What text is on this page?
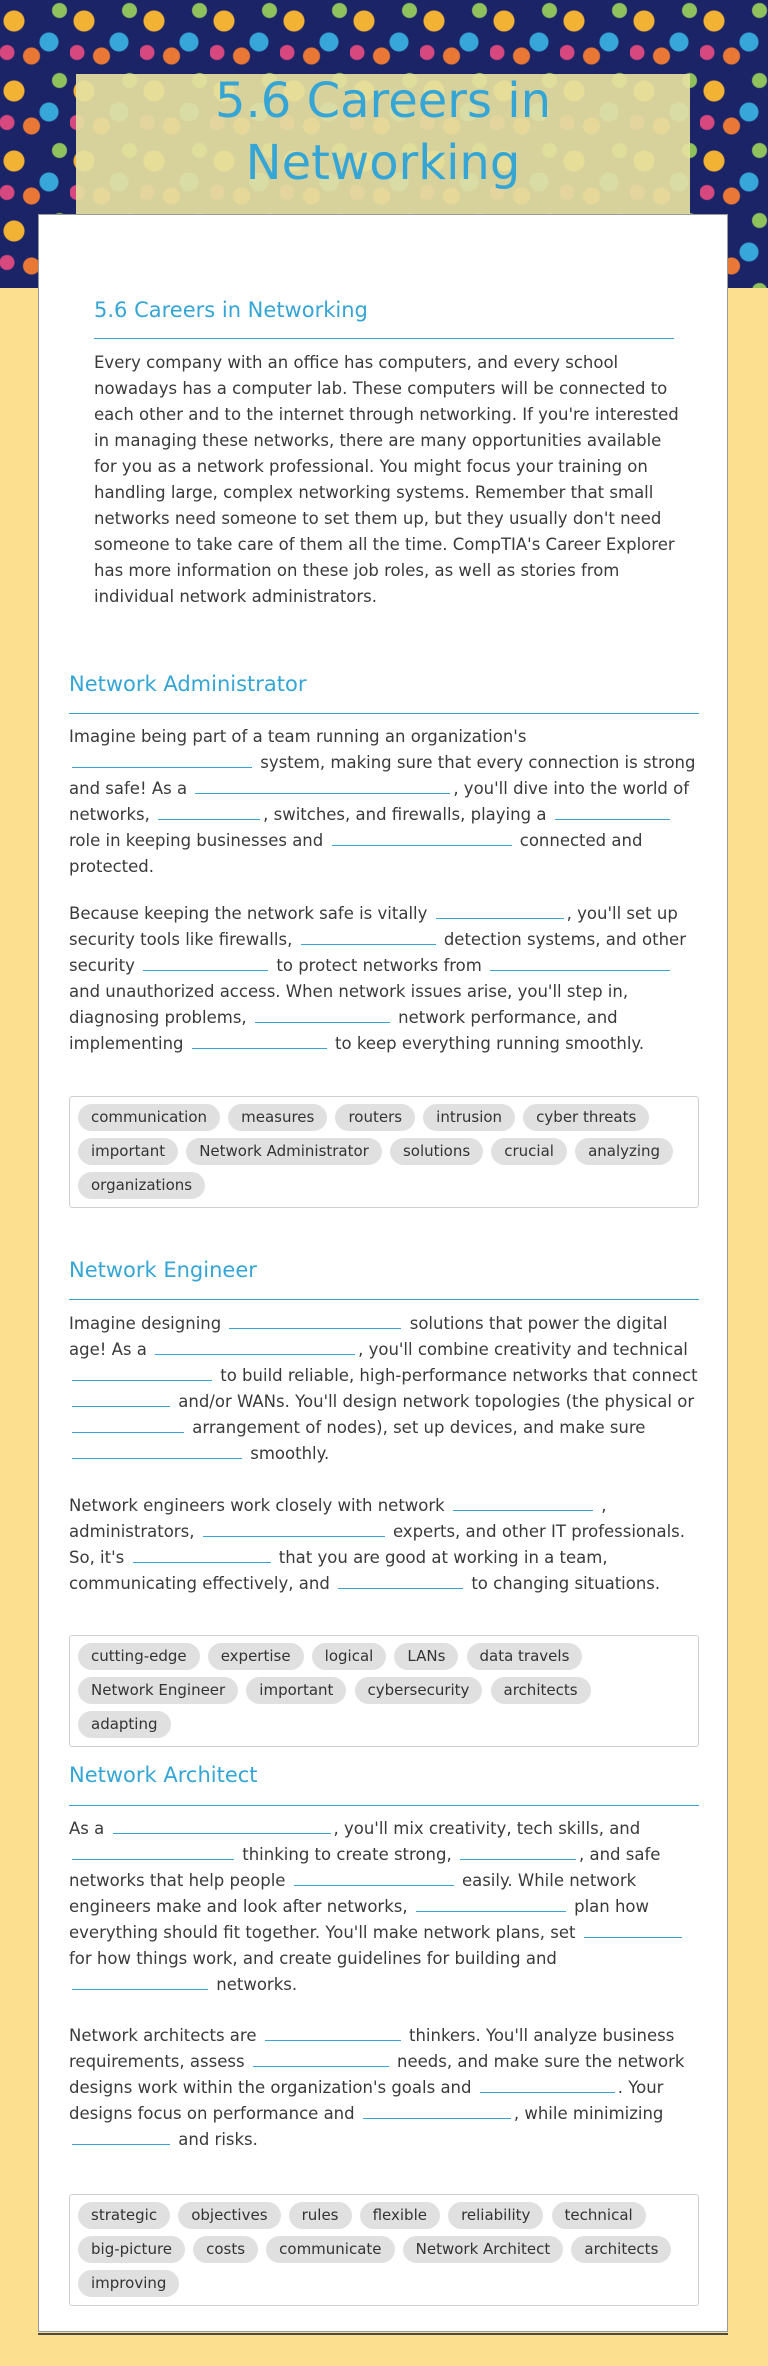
5.6 Careers in Networking
5.6 Careers in Networking

Every company with an office has computers, and every school nowadays has a computer lab. These computers will be connected to each other and to the internet through networking. If you're interested in managing these networks, there are many opportunities available for you as a network professional. You might focus your training on handling large, complex networking systems. Remember that small networks need someone to set them up, but they usually don't need someone to take care of them all the time. CompTIA's Career Explorer has more information on these job roles, as well as stories from individual network administrators.

Network Administrator

Imagine being part of a team running an organization's  system, making sure that every connection is strong and safe! As a	, you'll dive into the world of networks,	, switches, and firewalls, playing a  role in keeping businesses and	connected and protected.

Because keeping the network safe is vitally	, you'll set up security tools like firewalls,	detection systems, and other security	to protect networks from  and unauthorized access. When network issues arise, you'll step in, diagnosing problems,	network performance, and implementing	to keep everything running smoothly.

communication measures routers intrusion cyber threats important Network Administrator solutions crucial analyzing organizations
Network Engineer

Imagine designing	solutions that power the digital age! As a	, you'll combine creativity and technical  to build reliable, high-performance networks that connect  and/or WANs. You'll design network topologies (the physical or  arrangement of nodes), set up devices, and make sure  smoothly.

Network engineers work closely with network	, administrators,	experts, and other IT professionals. So, it's	that you are good at working in a team, communicating effectively, and	to changing situations.

cutting-edge expertise logical LANs data travels Network Engineer important cybersecurity architects adapting
Network Architect

As a	, you'll mix creativity, tech skills, and  thinking to create strong,	, and safe networks that help people	easily. While network engineers make and look after networks,	plan how everything should fit together. You'll make network plans, set  for how things work, and create guidelines for building and  networks.

Network architects are	thinkers. You'll analyze business requirements, assess	needs, and make sure the network designs work within the organization's goals and	. Your designs focus on performance and	, while minimizing  and risks.

strategic objectives rules flexible reliability technical big-picture costs communicate Network Architect architects improving
